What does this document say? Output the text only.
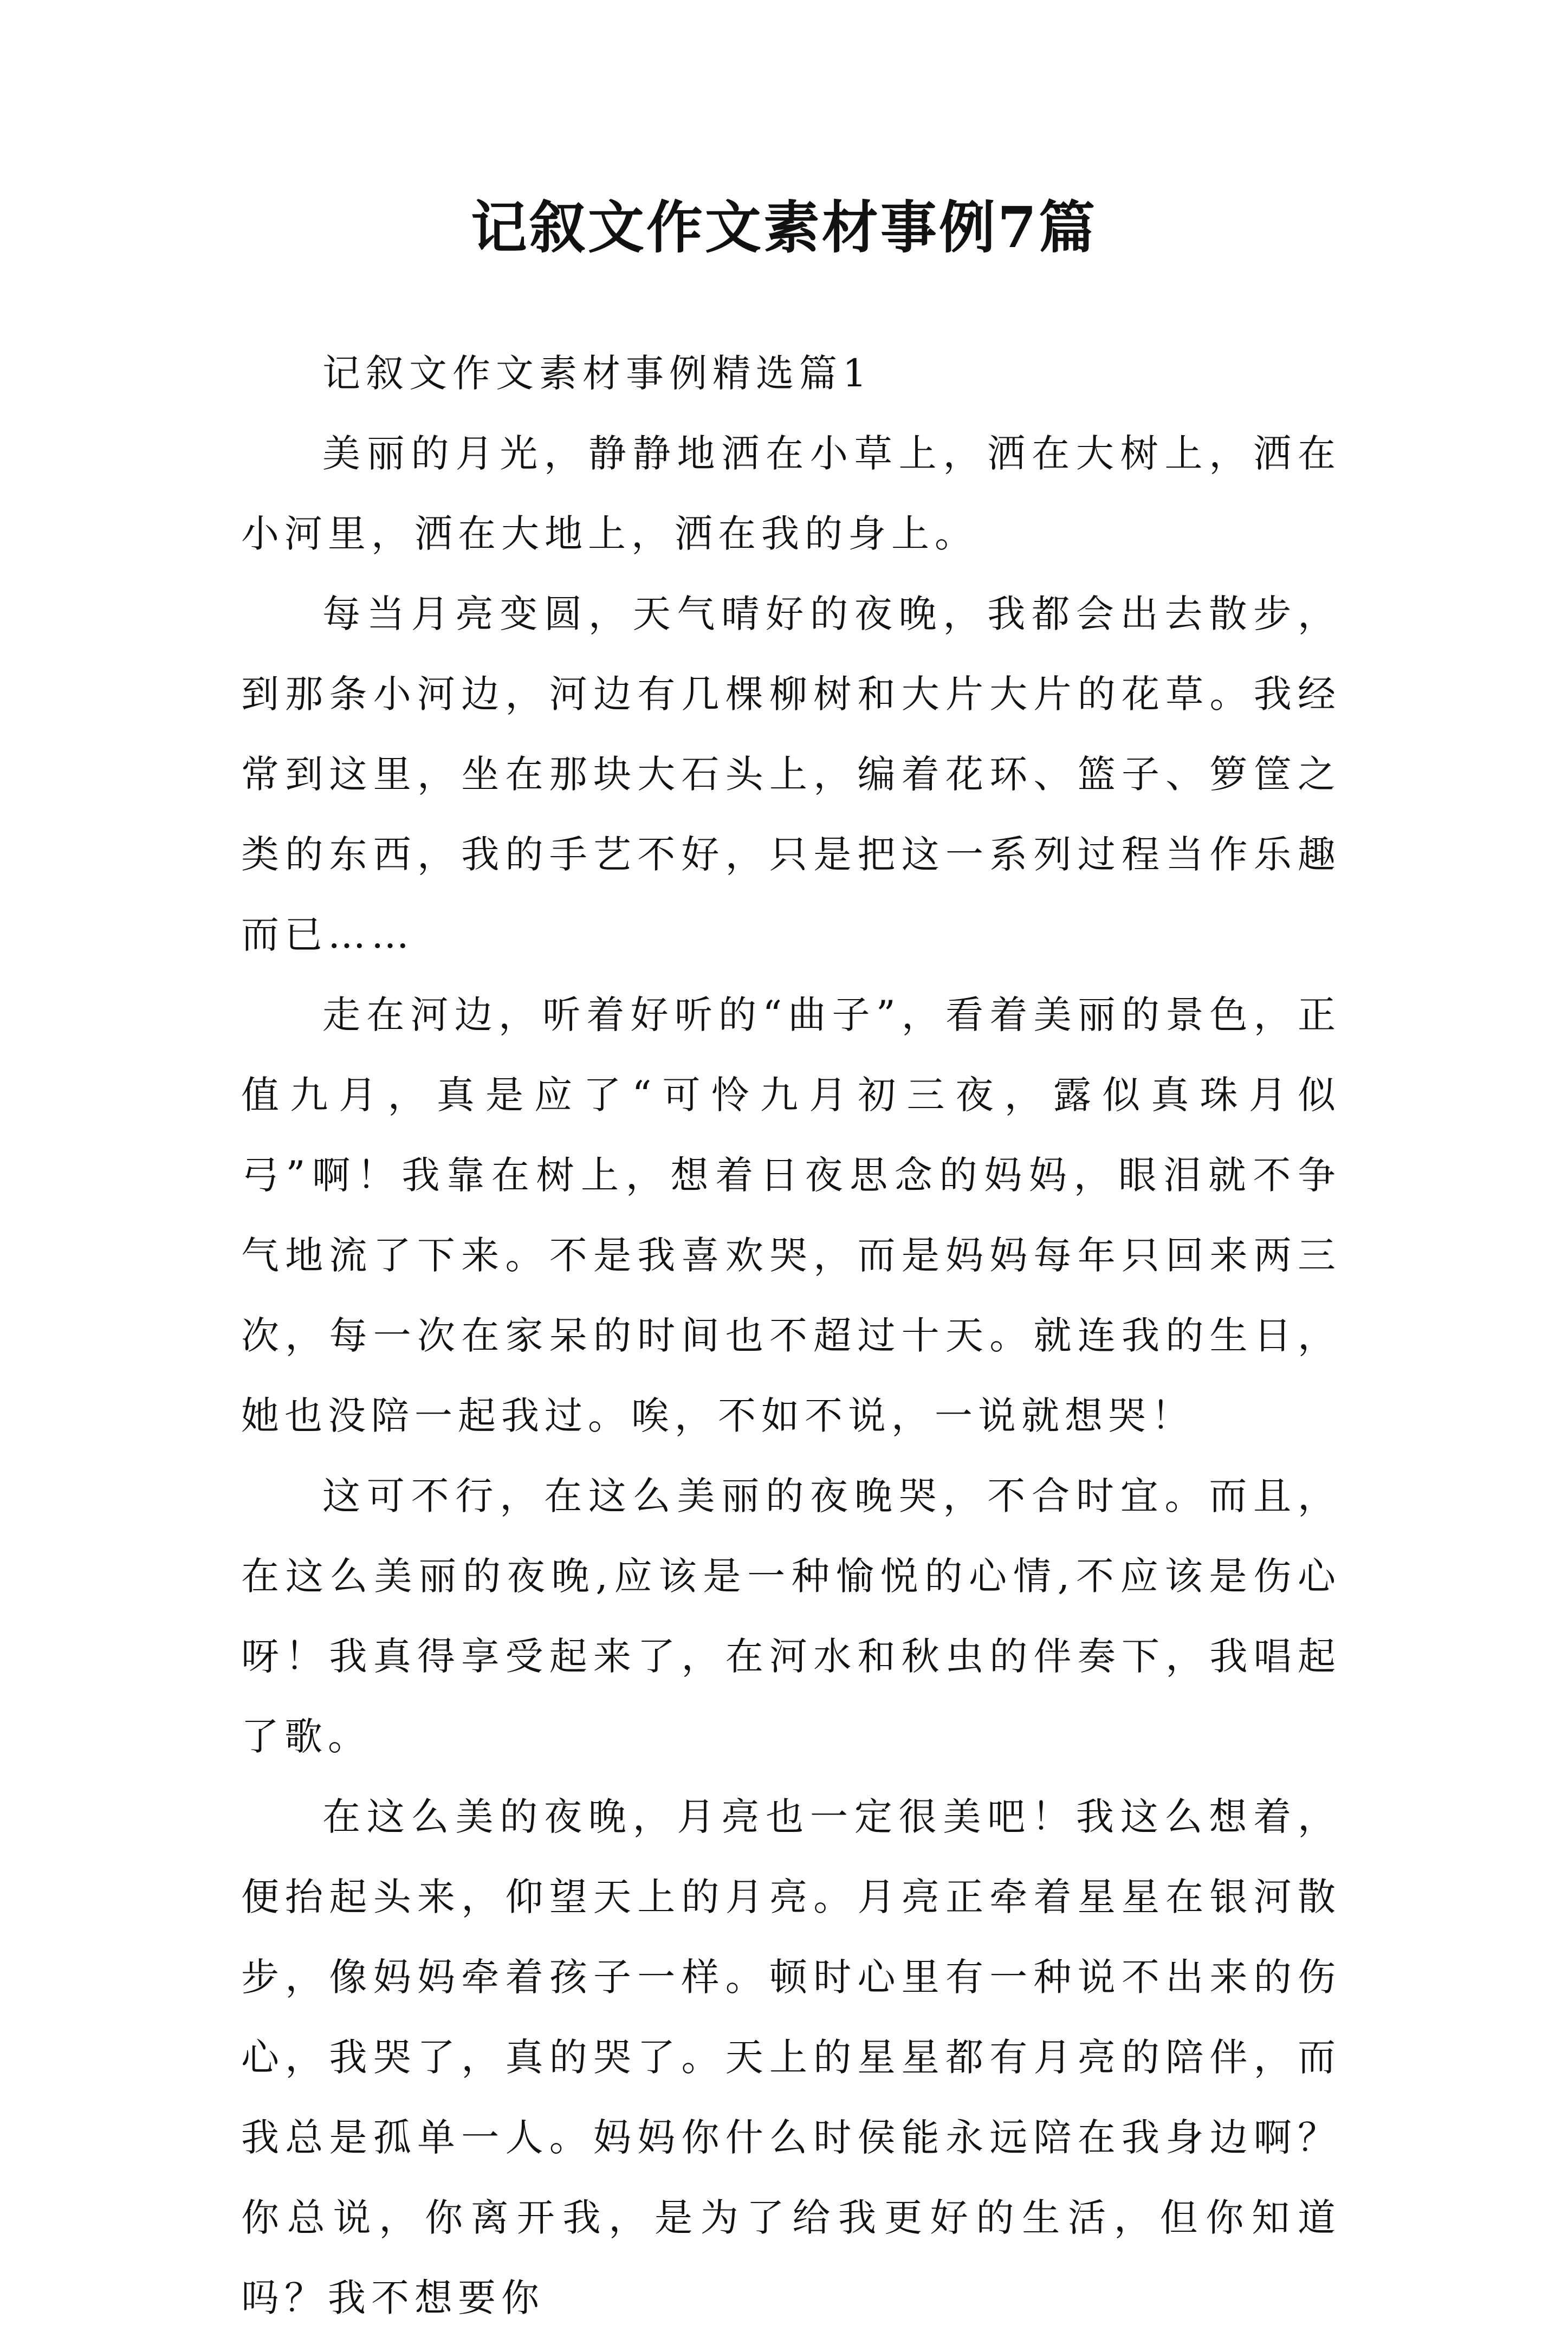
记叙文作文素材事例7篇

记叙文作文素材事例精选篇1

美丽的月光，静静地洒在小草上，洒在大树上，洒在小河里，洒在大地上，洒在我的身上。

每当月亮变圆，天气晴好的夜晚，我都会出去散步，到那条小河边，河边有几棵柳树和大片大片的花草。我经常到这里，坐在那块大石头上，编着花环、篮子、箩筐之类的东西，我的手艺不好，只是把这一系列过程当作乐趣而已……

走在河边，听着好听的“曲子”，看着美丽的景色，正值九月，真是应了“可怜九月初三夜，露似真珠月似弓”啊！我靠在树上，想着日夜思念的妈妈，眼泪就不争气地流了下来。不是我喜欢哭，而是妈妈每年只回来两三次，每一次在家呆的时间也不超过十天。就连我的生日，她也没陪一起我过。唉，不如不说，一说就想哭！

这可不行，在这么美丽的夜晚哭，不合时宜。而且，在这么美丽的夜晚,应该是一种愉悦的心情,不应该是伤心呀！我真得享受起来了，在河水和秋虫的伴奏下，我唱起了歌。

在这么美的夜晚，月亮也一定很美吧！我这么想着，便抬起头来，仰望天上的月亮。月亮正牵着星星在银河散步，像妈妈牵着孩子一样。顿时心里有一种说不出来的伤心，我哭了，真的哭了。天上的星星都有月亮的陪伴，而我总是孤单一人。妈妈你什么时侯能永远陪在我身边啊？你总说，你离开我，是为了给我更好的生活，但你知道吗？我不想要你
